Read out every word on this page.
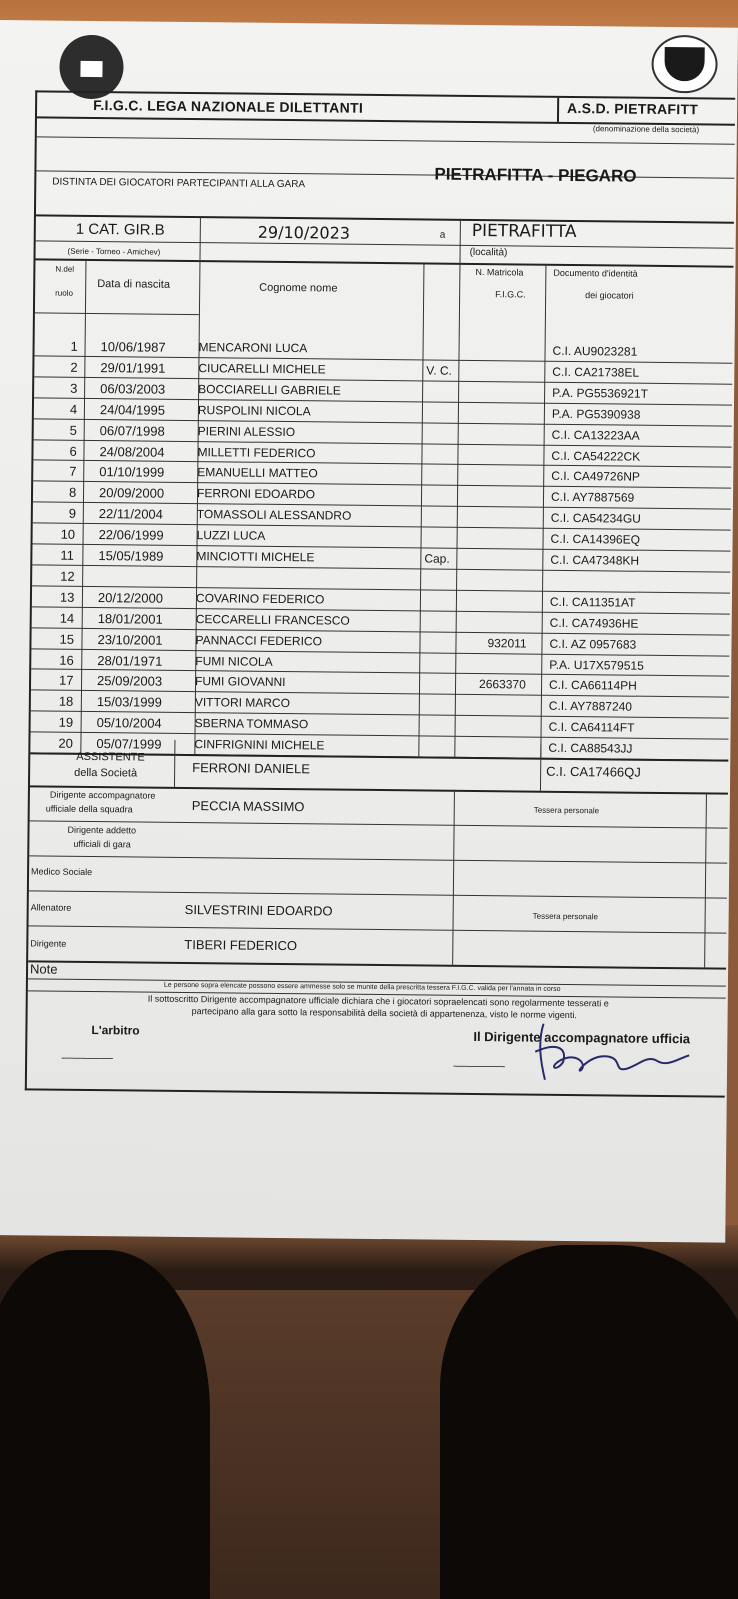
F.I.G.C. LEGA NAZIONALE DILETTANTI	A.S.D. PIETRAFITT
(denominazione della società)
DISTINTA DEI GIOCATORI PARTECIPANTI ALLA GARA	PIETRAFITTA - PIEGARO
1 CAT. GIR.B	29/10/2023	a PIETRAFITTA
(Serie - Torneo - Amichev)	(località)
N.del
ruolo
Data di nascita	Cognome nome
N. Matricola
F.I.G.C.
Documento d'identità
dei giocatori
1 10/06/1987	MENCARONI LUCA	C.I. AU9023281
2 29/01/1991	CIUCARELLI MICHELE	V. C.	C.I. CA21738EL
3 06/03/2003	BOCCIARELLI GABRIELE	P.A. PG5536921T
4 24/04/1995	RUSPOLINI NICOLA	P.A. PG5390938
5 06/07/1998	PIERINI ALESSIO	C.I. CA13223AA
6 24/08/2004	MILLETTI FEDERICO	C.I. CA54222CK
7 01/10/1999	EMANUELLI MATTEO	C.I. CA49726NP
8 20/09/2000	FERRONI EDOARDO	C.I. AY7887569
9 22/11/2004	TOMASSOLI ALESSANDRO	C.I. CA54234GU
10 22/06/1999	LUZZI LUCA	C.I. CA14396EQ
11 15/05/1989	MINCIOTTI MICHELE	Cap.	C.I. CA47348KH
12
13 20/12/2000	COVARINO FEDERICO	C.I. CA11351AT
14 18/01/2001	CECCARELLI FRANCESCO	C.I. CA74936HE
15 23/10/2001	PANNACCI FEDERICO	932011 C.I. AZ 0957683
16 28/01/1971	FUMI NICOLA	P.A. U17X579515
17 25/09/2003	FUMI GIOVANNI	2663370 C.I. CA66114PH
18 15/03/1999	VITTORI MARCO	C.I. AY7887240
19 05/10/2004	SBERNA TOMMASO	C.I. CA64114FT
20 05/07/1999	CINFRIGNINI MICHELE	C.I. CA88543JJ
ASSISTENTE
della Società	FERRONI DANIELE	C.I. CA17466QJ
Dirigente accompagnatore
ufficiale della squadra	PECCIA MASSIMO	Tessera personale
Dirigente addetto
ufficiali di gara
Medico Sociale
Allenatore	SILVESTRINI EDOARDO	Tessera personale
Dirigente	TIBERI FEDERICO
Note
Le persone sopra elencate possono essere ammesse solo se munite della prescritta tessera F.I.G.C. valida per l'annata in corso
Il sottoscritto Dirigente accompagnatore ufficiale dichiara che i giocatori sopraelencati sono regolarmente tesserati e
partecipano alla gara sotto la responsabilità della società di appartenenza, visto le norme vigenti.
L'arbitro	Il Dirigente accompagnatore ufficia
----------------------
----------------------
